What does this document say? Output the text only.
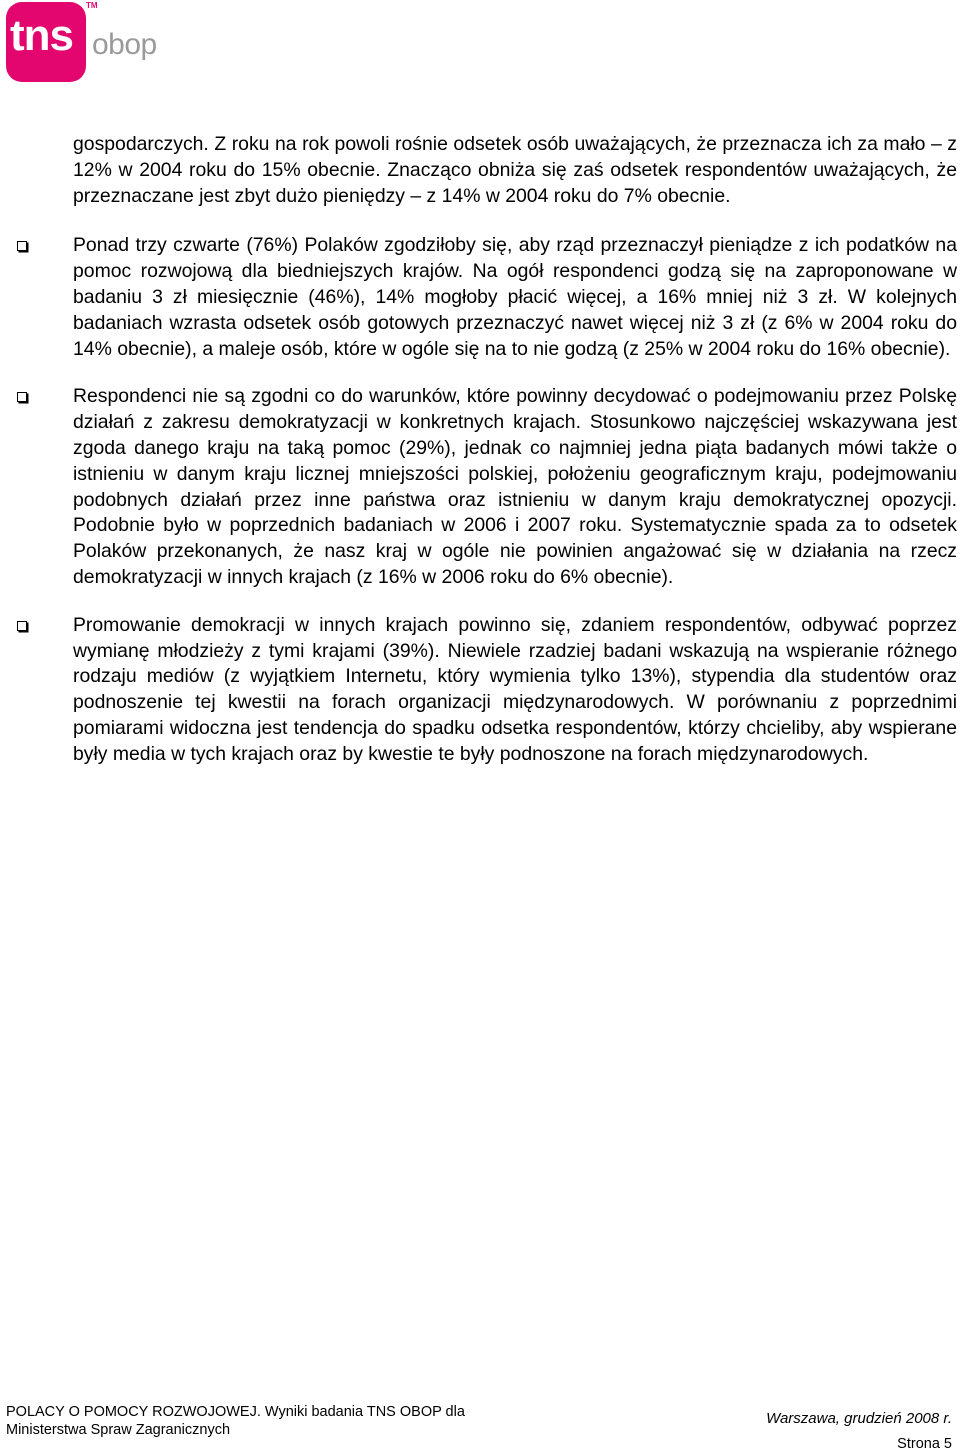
tns
TM
obop

gospodarczych. Z roku na rok powoli rośnie odsetek osób uważających, że przeznacza ich za mało – z 12% w 2004 roku do 15% obecnie. Znacząco obniża się zaś odsetek respondentów uważających, że przeznaczane jest zbyt dużo pieniędzy – z 14% w 2004 roku do 7% obecnie.

Ponad trzy czwarte (76%) Polaków zgodziłoby się, aby rząd przeznaczył pieniądze z ich podatków na pomoc rozwojową dla biedniejszych krajów. Na ogół respondenci godzą się na zaproponowane w badaniu 3 zł miesięcznie (46%), 14% mogłoby płacić więcej, a 16% mniej niż 3 zł. W kolejnych badaniach wzrasta odsetek osób gotowych przeznaczyć nawet więcej niż 3 zł (z 6% w 2004 roku do 14% obecnie), a maleje osób, które w ogóle się na to nie godzą (z 25% w 2004 roku do 16% obecnie).
Respondenci nie są zgodni co do warunków, które powinny decydować o podejmowaniu przez Polskę działań z zakresu demokratyzacji w konkretnych krajach. Stosunkowo najczęściej wskazywana jest zgoda danego kraju na taką pomoc (29%), jednak co najmniej jedna piąta badanych mówi także o istnieniu w danym kraju licznej mniejszości polskiej, położeniu geograficznym kraju, podejmowaniu podobnych działań przez inne państwa oraz istnieniu w danym kraju demokratycznej opozycji. Podobnie było w poprzednich badaniach w 2006 i 2007 roku. Systematycznie spada za to odsetek Polaków przekonanych, że nasz kraj w ogóle nie powinien angażować się w działania na rzecz demokratyzacji w innych krajach (z 16% w 2006 roku do 6% obecnie).
Promowanie demokracji w innych krajach powinno się, zdaniem respondentów, odbywać poprzez wymianę młodzieży z tymi krajami (39%). Niewiele rzadziej badani wskazują na wspieranie różnego rodzaju mediów (z wyjątkiem Internetu, który wymienia tylko 13%), stypendia dla studentów oraz podnoszenie tej kwestii na forach organizacji międzynarodowych. W porównaniu z poprzednimi pomiarami widoczna jest tendencja do spadku odsetka respondentów, którzy chcieliby, aby wspierane były media w tych krajach oraz by kwestie te były podnoszone na forach międzynarodowych.
POLACY O POMOCY ROZWOJOWEJ. Wyniki badania TNS OBOP dla
Ministerstwa Spraw Zagranicznych
Warszawa, grudzień 2008 r.
Strona 5
